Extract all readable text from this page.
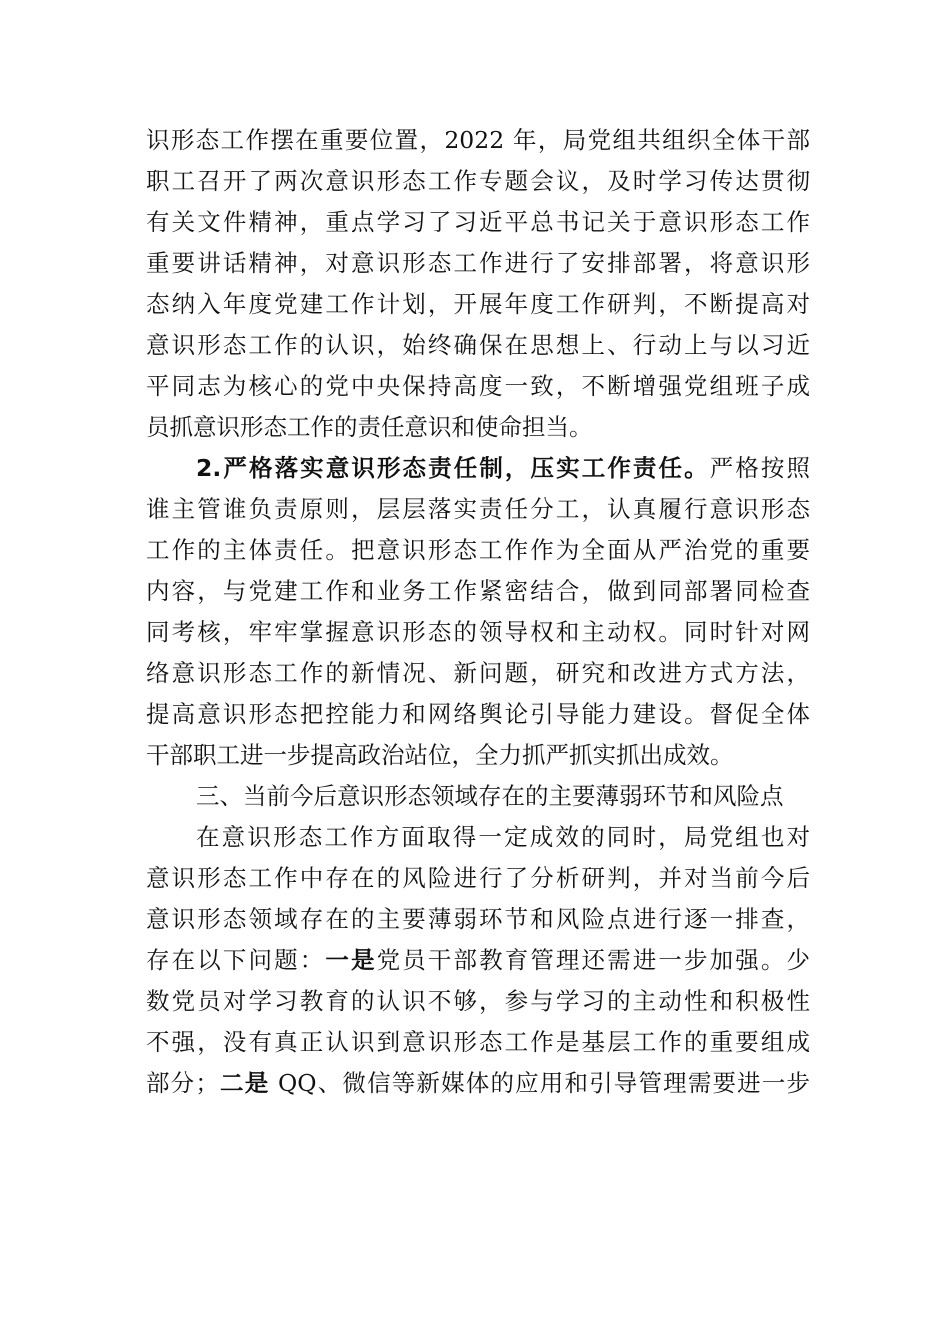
识形态工作摆在重要位置，2022 年，局党组共组织全体干部
职工召开了两次意识形态工作专题会议，及时学习传达贯彻
有关文件精神，重点学习了习近平总书记关于意识形态工作
重要讲话精神，对意识形态工作进行了安排部署，将意识形
态纳入年度党建工作计划，开展年度工作研判，不断提高对
意识形态工作的认识，始终确保在思想上、行动上与以习近
平同志为核心的党中央保持高度一致，不断增强党组班子成
员抓意识形态工作的责任意识和使命担当。
2.严格落实意识形态责任制，压实工作责任。严格按照
谁主管谁负责原则，层层落实责任分工，认真履行意识形态
工作的主体责任。把意识形态工作作为全面从严治党的重要
内容，与党建工作和业务工作紧密结合，做到同部署同检查
同考核，牢牢掌握意识形态的领导权和主动权。同时针对网
络意识形态工作的新情况、新问题，研究和改进方式方法，
提高意识形态把控能力和网络舆论引导能力建设。督促全体
干部职工进一步提高政治站位，全力抓严抓实抓出成效。
三、当前今后意识形态领域存在的主要薄弱环节和风险点
在意识形态工作方面取得一定成效的同时，局党组也对
意识形态工作中存在的风险进行了分析研判，并对当前今后
意识形态领域存在的主要薄弱环节和风险点进行逐一排查，
存在以下问题：一是党员干部教育管理还需进一步加强。少
数党员对学习教育的认识不够，参与学习的主动性和积极性
不强，没有真正认识到意识形态工作是基层工作的重要组成
部分；二是 QQ、微信等新媒体的应用和引导管理需要进一步
